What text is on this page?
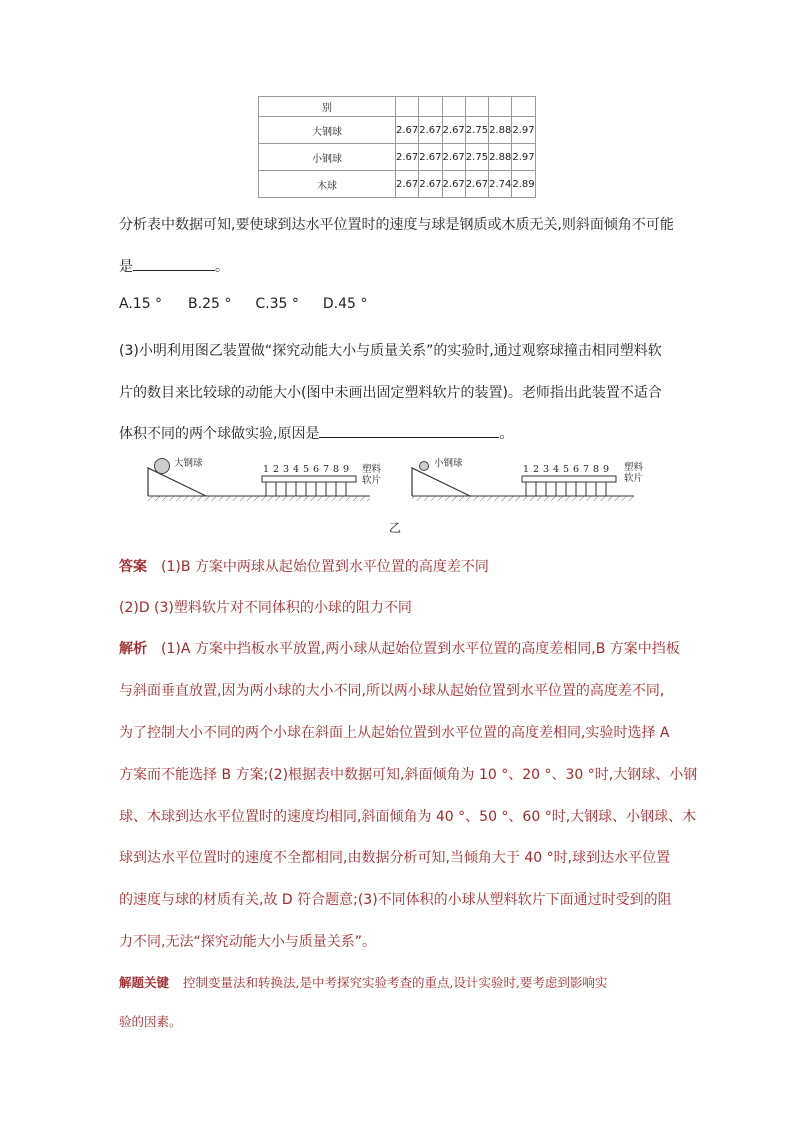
别						
大钢球	2.67	2.67	2.67	2.75	2.88	2.97
小钢球	2.67	2.67	2.67	2.75	2.88	2.97
木球	2.67	2.67	2.67	2.67	2.74	2.89
分析表中数据可知,要使球到达水平位置时的速度与球是钢质或木质无关,则斜面倾角不可能
是	。
A.15 ° B.25 ° C.35 ° D.45 °
(3)小明利用图乙装置做“探究动能大小与质量关系”的实验时,通过观察球撞击相同塑料软
片的数目来比较球的动能大小(图中未画出固定塑料软片的装置)。老师指出此装置不适合
体积不同的两个球做实验,原因是	。
大钢球
1 2 3 4 5 6 7 8 9 塑料
软片
小钢球
1 2 3 4 5 6 7 8 9 塑料
软片
乙
答案 (1)B 方案中两球从起始位置到水平位置的高度差不同
(2)D (3)塑料软片对不同体积的小球的阻力不同
解析 (1)A 方案中挡板水平放置,两小球从起始位置到水平位置的高度差相同,B 方案中挡板
与斜面垂直放置,因为两小球的大小不同,所以两小球从起始位置到水平位置的高度差不同,
为了控制大小不同的两个小球在斜面上从起始位置到水平位置的高度差相同,实验时选择 A
方案而不能选择 B 方案;(2)根据表中数据可知,斜面倾角为 10 °、20 °、30 °时,大钢球、小钢
球、木球到达水平位置时的速度均相同,斜面倾角为 40 °、50 °、60 °时,大钢球、小钢球、木
球到达水平位置时的速度不全都相同,由数据分析可知,当倾角大于 40 °时,球到达水平位置
的速度与球的材质有关,故 D 符合题意;(3)不同体积的小球从塑料软片下面通过时受到的阻
力不同,无法“探究动能大小与质量关系”。
解题关键 控制变量法和转换法,是中考探究实验考查的重点,设计实验时,要考虑到影响实
验的因素。
